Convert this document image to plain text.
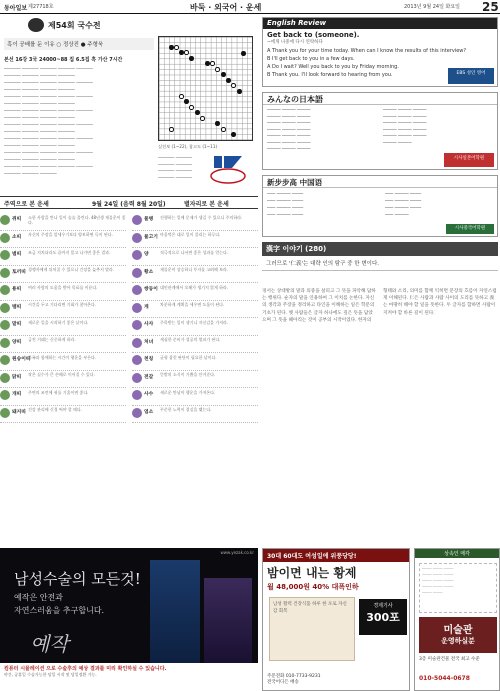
동아일보 제27718호	바둑 · 외국어 · 운세	2013년 9월 24일 화요일 25
제54회 국수전
흑이 공배를 둔 이유 ○ 정상진 ● 주형욱
본선 16강 3국 24000~88 집 6.5집 흑 가산 7시간
────── ────── ────── ────── ──────
────── ────── ────── ──────
────── ────── ────── ────── ──────
────── ────── ────── ──────
────── ────── ────── ────── ──────
────── ────── ────── ──────
────── ────── ────── ────── ──────
────── ────── ────── ──────
────── ────── ────── ────── ──────
────── ────── ────── ──────
────── ────── ────── ────── ──────
────── ────── ────── ──────
────── ────── ────── ────── ──────
────── ────── ────── ──────
────── ────── ────── ────── ──────
────── ────── ──────
실전보 (1~22), 참고도 (1~11)
────── ──────
────── ──────
────── ──────
────── ──────
English Review
Get back to (someone).
~에게 나중에 다시 연락하다
A Thank you for your time today. When can I know the results of this interview?
B I'll get back to you in a few days.
A Do I wait? Well you back to you by Friday morning.
B Thank you. I'll look forward to hearing from you.	EBS 성인 영어
みんなの日本語
───── ───── ─────
───── ───── ─────
───── ───── ─────
───── ───── ─────
───── ───── ─────
───── ───── ─────
───── ───── ─────
───── ───── ─────
───── ───── ─────
───── ───── ─────
───── ───── ─────
───── ───── ─────
───── ─────
시사일본어학원
新步步高 中国语
─── ───── ────
─── ───── ────
─── ───── ────
─── ───── ────
─── ───── ────
─── ───── ────
─── ───── ────
─── ─────
시사중국어학원
漢字 이야기 (280)
그러므로 '仁義'는 대략 인의 탐구 중 한 변이다.
경서는 상대방의 말과 의중을 살피고 그 뜻을 파악해 답하는 행위다. 순자의 말을 인용하여 그 이치를 논한다. 자신의 생각과 주장을 정리하고 타인을 이해하는 일은 학문의 기초가 된다. 옛 사람들은 글자 하나에도 깊은 뜻을 담았으며 그 뜻을 헤아리는 것이 공부의 시작이었다. 한자의 형태와 소리, 의미를 함께 익히면 문장의 흐름이 자연스럽게 이해된다. 仁은 사람과 사람 사이의 도리를 뜻하고 義는 마땅히 해야 할 일을 뜻한다. 두 글자를 합하면 사람이 지켜야 할 바른 길이 된다.
주역으로 본 운세	9월 24일 (음력 8월 20일)	별자리로 본 운세
쥐띠 소한 사람을 만나 일이 술술 풀린다. 48년생 재물운이 좋다.
소띠 자신의 주장을 앞세우기보다 양보하면 득이 된다.
범띠 조금 지치더라도 끝까지 밀고 나가면 좋은 결과.
토끼띠 경쟁자에게 뒤처질 수 있으니 긴장을 늦추지 말라.
용띠 여러 사람의 도움을 받아 목표를 이룬다.
뱀띠 시간을 두고 기다리면 기회가 찾아온다.
말띠 새로운 일을 시작하기 좋은 날이다.
양띠 금전 거래는 신중하게 하라.
원숭이띠
가족과 함께하는 시간이 행운을 부른다.
닭띠 작은 실수가 큰 손해로 이어질 수 있다.
개띠 주변의 조언에 귀를 기울이면 좋다.
돼지띠 건강 관리에 신경 써야 할 때다.
물병 진행하는 일에 문제가 생길 수 있으니 주의하라.
물고기 마음먹은 대로 일이 풀리는 하루다.
양	적극적으로 나서면 좋은 성과를 얻는다.
황소 재물운이 상승하니 투자를 고려해 보라.
쌍둥이 대인관계에서 오해가 생기지 않게 하라.
게	차분하게 계획을 세우면 도움이 된다.
사자 주목받는 일이 생기니 자신감을 가져라.
처녀 세심한 준비가 성공의 열쇠가 된다.
천칭 균형 잡힌 판단이 필요한 날이다.
전갈 뜻밖의 소식이 기쁨을 안겨준다.
사수 새로운 만남이 행운을 가져온다.
염소 꾸준한 노력이 결실을 맺는다.
www.yezak.co.kr
남성수술의 모든것!
예작은 안전과
자연스러움을 추구합니다.
예작
컴퓨터 시뮬레이션 으로 수술후의 예상 결과를 미리 확인하실 수 있습니다.
야간, 공휴일 수술가능한 당일 시작 및 당일정환 가능.
30대 60대도 여성일에 위풍당당!
밤이면 내는 황제
월 48,000원 40% 대폭인하
남성 활력 건강식품 하루 한 포로 자신감 회복
경제기사
300포
주문전화 010-7733-9231
전국어디든 배송
상속인 매각
──── ──── ────
──── ──── ────
──── ──── ────
──── ──── ────
──── ────
미술관
운영하실분
3층 미술관건물 전국 최고 수준
010-5044-0678
